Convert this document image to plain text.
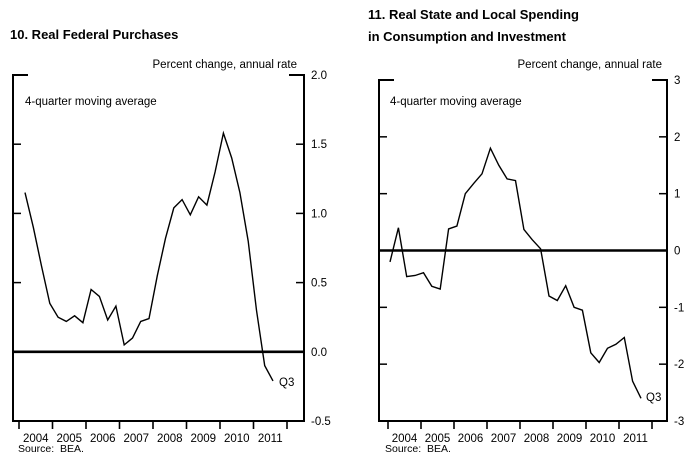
10. Real Federal Purchases
Percent change, annual rate
4-quarter moving average
Q3
Source:  BEA.
11. Real State and Local Spending
in Consumption and Investment
Percent change, annual rate
4-quarter moving average
Q3
Source:  BEA.
2.0
1.5
1.0
0.5
0.0
-0.5
2004 2005 2006 2007 2008 2009 2010 2011
3
2
1
0
-1
-2
-3
2004 2005 2006 2007 2008 2009 2010 2011
